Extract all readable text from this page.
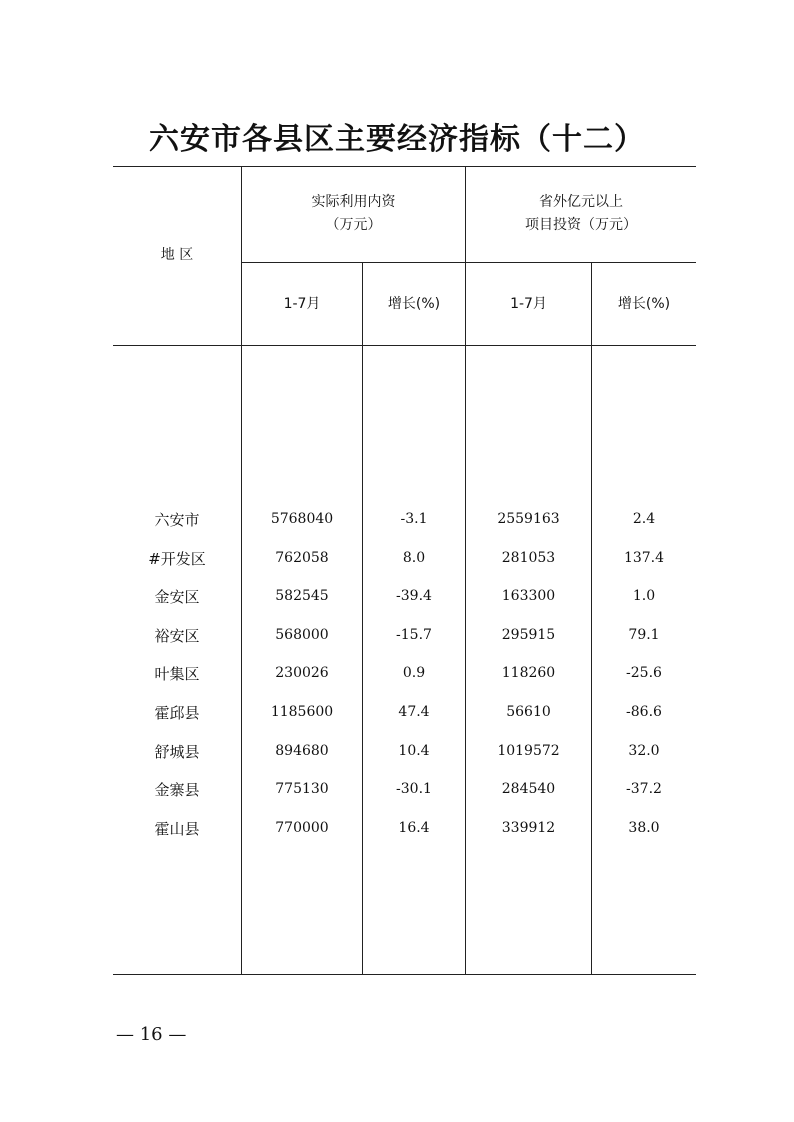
六安市各县区主要经济指标（十二）
地 区
实际利用内资
（万元）
省外亿元以上
项目投资（万元）
1-7月	增长(%)	1-7月	增长(%)
六安市	5768040	-3.1	2559163	2.4
#开发区	762058	8.0	281053	137.4
金安区	582545	-39.4	163300	1.0
裕安区	568000	-15.7	295915	79.1
叶集区	230026	0.9	118260	-25.6
霍邱县	1185600	47.4	56610	-86.6
舒城县	894680	10.4	1019572	32.0
金寨县	775130	-30.1	284540	-37.2
霍山县	770000	16.4	339912	38.0
— 16 —
